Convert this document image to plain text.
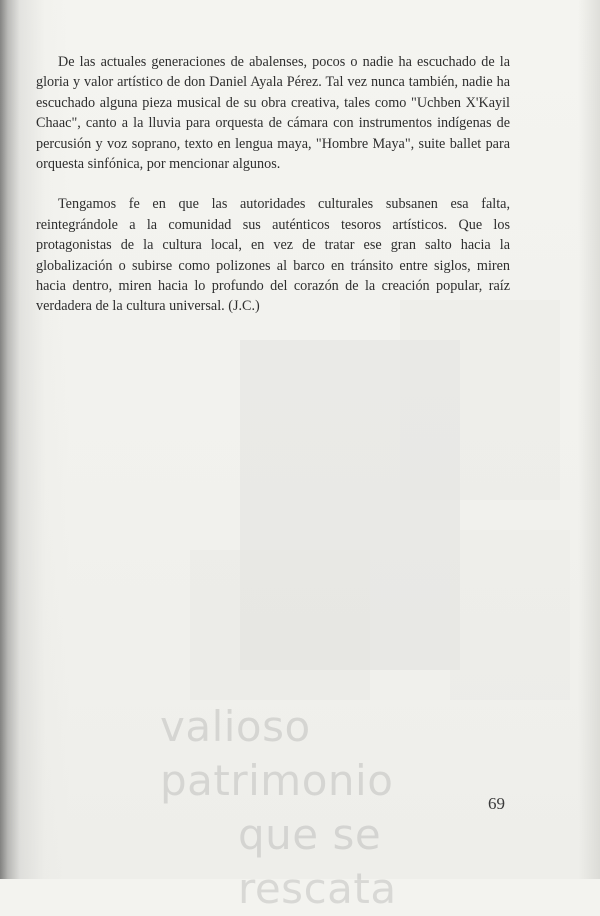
De las actuales generaciones de abalenses, pocos o nadie ha escuchado de la gloria y valor artístico de don Daniel Ayala Pérez. Tal vez nunca también, nadie ha escuchado alguna pieza musical de su obra creativa, tales como "Uchben X'Kayil Chaac", canto a la lluvia para orquesta de cámara con instrumentos indígenas de percusión y voz soprano, texto en lengua maya, "Hombre Maya", suite ballet para orquesta sinfónica, por mencionar algunos.

Tengamos fe en que las autoridades culturales subsanen esa falta, reintegrándole a la comunidad sus auténticos tesoros artísticos. Que los protagonistas de la cultura local, en vez de tratar ese gran salto hacia la globalización o subirse como polizones al barco en tránsito entre siglos, miren hacia dentro, miren hacia lo profundo del corazón de la creación popular, raíz verdadera de la cultura universal. (J.C.)

valioso patrimonio
que se rescata
69
